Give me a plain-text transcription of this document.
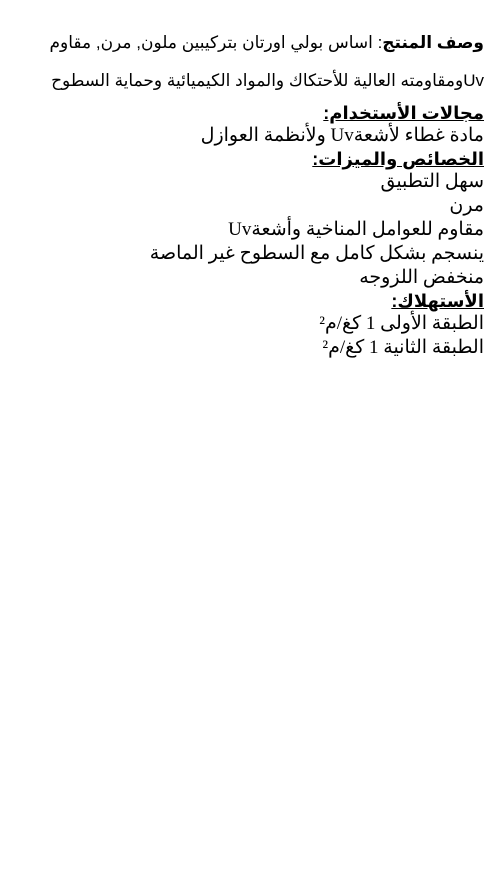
وصف المنتج: اساس بولي اورتان بتركيبين ملون, مرن, مقاوم
Uvومقاومته العالية للأحتكاك والمواد الكيميائية وحماية السطوح
مجالات الأستخدام:
مادة غطاء لأشعةUv ولأنظمة العوازل
الخصائص والميزات:
سهل التطبيق
مرن
مقاوم للعوامل المناخية وأشعةUv
ينسجم بشكل كامل مع السطوح غير الماصة
منخفض اللزوجه
الأستهلاك:
الطبقة الأولى 1 كغ/م²
الطبقة الثانية 1 كغ/م²
